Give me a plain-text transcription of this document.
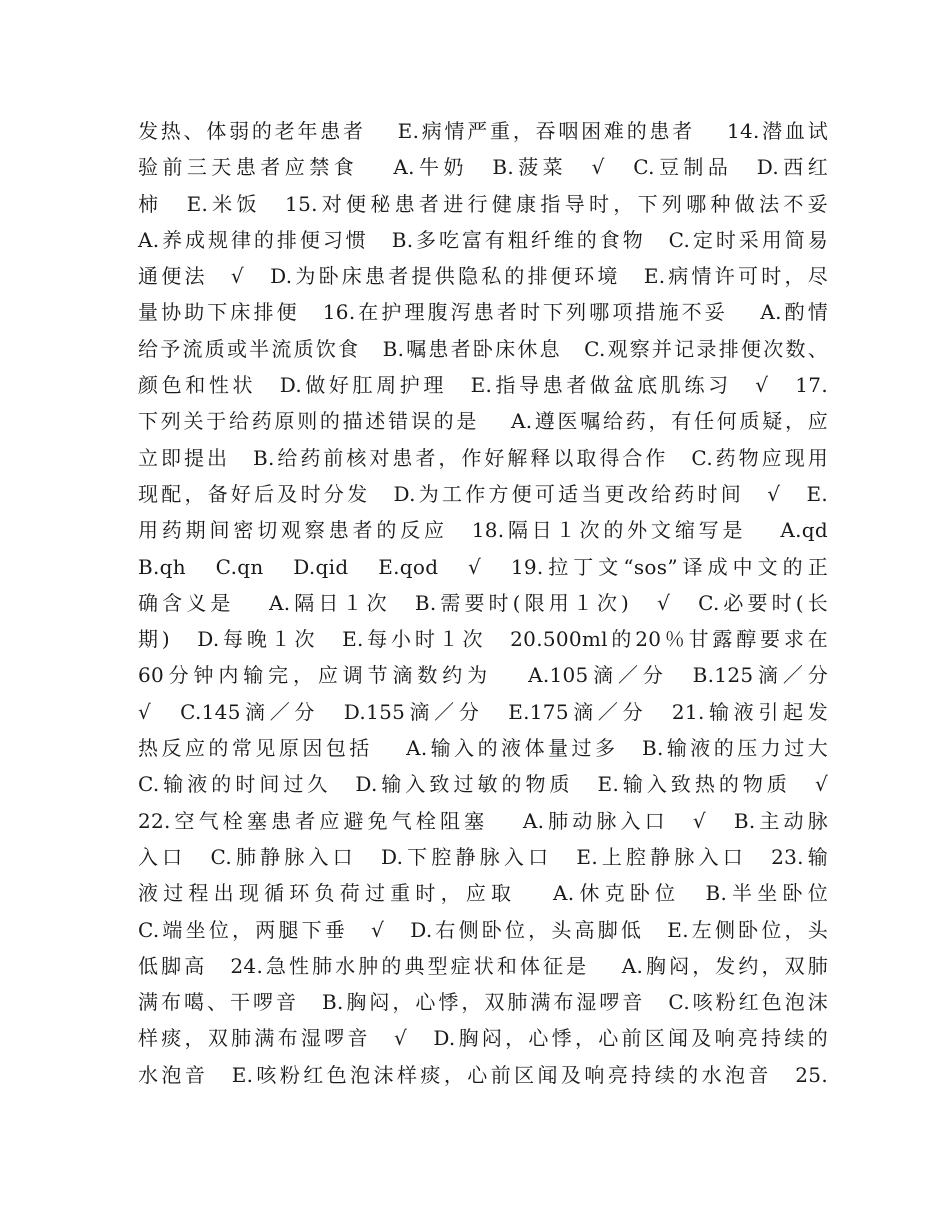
发热、体弱的老年患者　 E.病情严重，吞咽困难的患者　 14.潜血试
验前三天患者应禁食　 A.牛奶　B.菠菜　√　C.豆制品　D.西红
柿　E.米饭　15.对便秘患者进行健康指导时，下列哪种做法不妥
A.养成规律的排便习惯　B.多吃富有粗纤维的食物　C.定时采用简易
通便法　√　D.为卧床患者提供隐私的排便环境　E.病情许可时，尽
量协助下床排便　16.在护理腹泻患者时下列哪项措施不妥　 A.酌情
给予流质或半流质饮食　B.嘱患者卧床休息　C.观察并记录排便次数、
颜色和性状　D.做好肛周护理　E.指导患者做盆底肌练习　√　17.
下列关于给药原则的描述错误的是　 A.遵医嘱给药，有任何质疑，应
立即提出　B.给药前核对患者，作好解释以取得合作　C.药物应现用
现配，备好后及时分发　D.为工作方便可适当更改给药时间　√　E.
用药期间密切观察患者的反应　18.隔日１次的外文缩写是　 A.qd
B.qh　C.qn　D.qid　E.qod　√　19.拉丁文“sos”译成中文的正
确含义是　 A.隔日１次　B.需要时(限用１次)　√　C.必要时(长
期)　D.每晚１次　E.每小时１次　20.500ml的20％甘露醇要求在
60分钟内输完，应调节滴数约为　 A.105滴／分　B.125滴／分
√　C.145滴／分　D.155滴／分　E.175滴／分　21.输液引起发
热反应的常见原因包括　 A.输入的液体量过多　B.输液的压力过大
C.输液的时间过久　D.输入致过敏的物质　E.输入致热的物质　√
22.空气栓塞患者应避免气栓阻塞　 A.肺动脉入口　√　B.主动脉
入口　C.肺静脉入口　D.下腔静脉入口　E.上腔静脉入口　23.输
液过程出现循环负荷过重时，应取　 A.休克卧位　B.半坐卧位
C.端坐位，两腿下垂　√　D.右侧卧位，头高脚低　E.左侧卧位，头
低脚高　24.急性肺水肿的典型症状和体征是　 A.胸闷，发约，双肺
满布噶、干啰音　B.胸闷，心悸，双肺满布湿啰音　C.咳粉红色泡沫
样痰，双肺满布湿啰音　√　D.胸闷，心悸，心前区闻及响亮持续的
水泡音　E.咳粉红色泡沫样痰，心前区闻及响亮持续的水泡音　25.
